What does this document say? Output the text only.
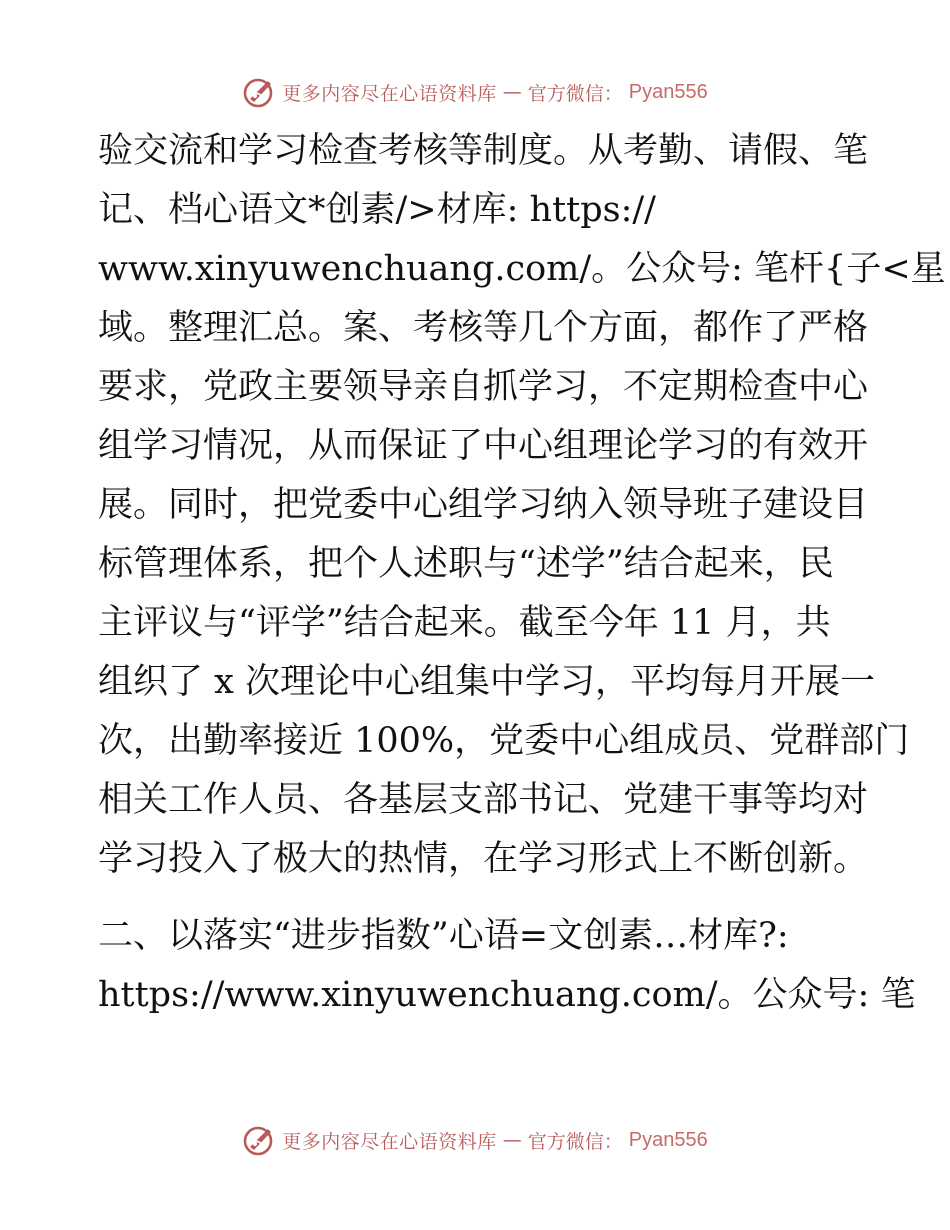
更多内容尽在心语资料库 — 官方微信： Pyan556
验交流和学习检查考核等制度。从考勤、请假、笔
记、档心语文*创素/>材库: https://
www.xinyuwenchuang.com/。公众号: 笔杆{子<星
域。整理汇总。案、考核等几个方面，都作了严格
要求，党政主要领导亲自抓学习，不定期检查中心
组学习情况，从而保证了中心组理论学习的有效开
展。同时，把党委中心组学习纳入领导班子建设目
标管理体系，把个人述职与“述学”结合起来，民
主评议与“评学”结合起来。截至今年 11 月，共
组织了 x 次理论中心组集中学习，平均每月开展一
次，出勤率接近 100%，党委中心组成员、党群部门
相关工作人员、各基层支部书记、党建干事等均对
学习投入了极大的热情，在学习形式上不断创新。
二、以落实“进步指数”心语=文创素…材库?:
https://www.xinyuwenchuang.com/。公众号: 笔
更多内容尽在心语资料库 — 官方微信： Pyan556
